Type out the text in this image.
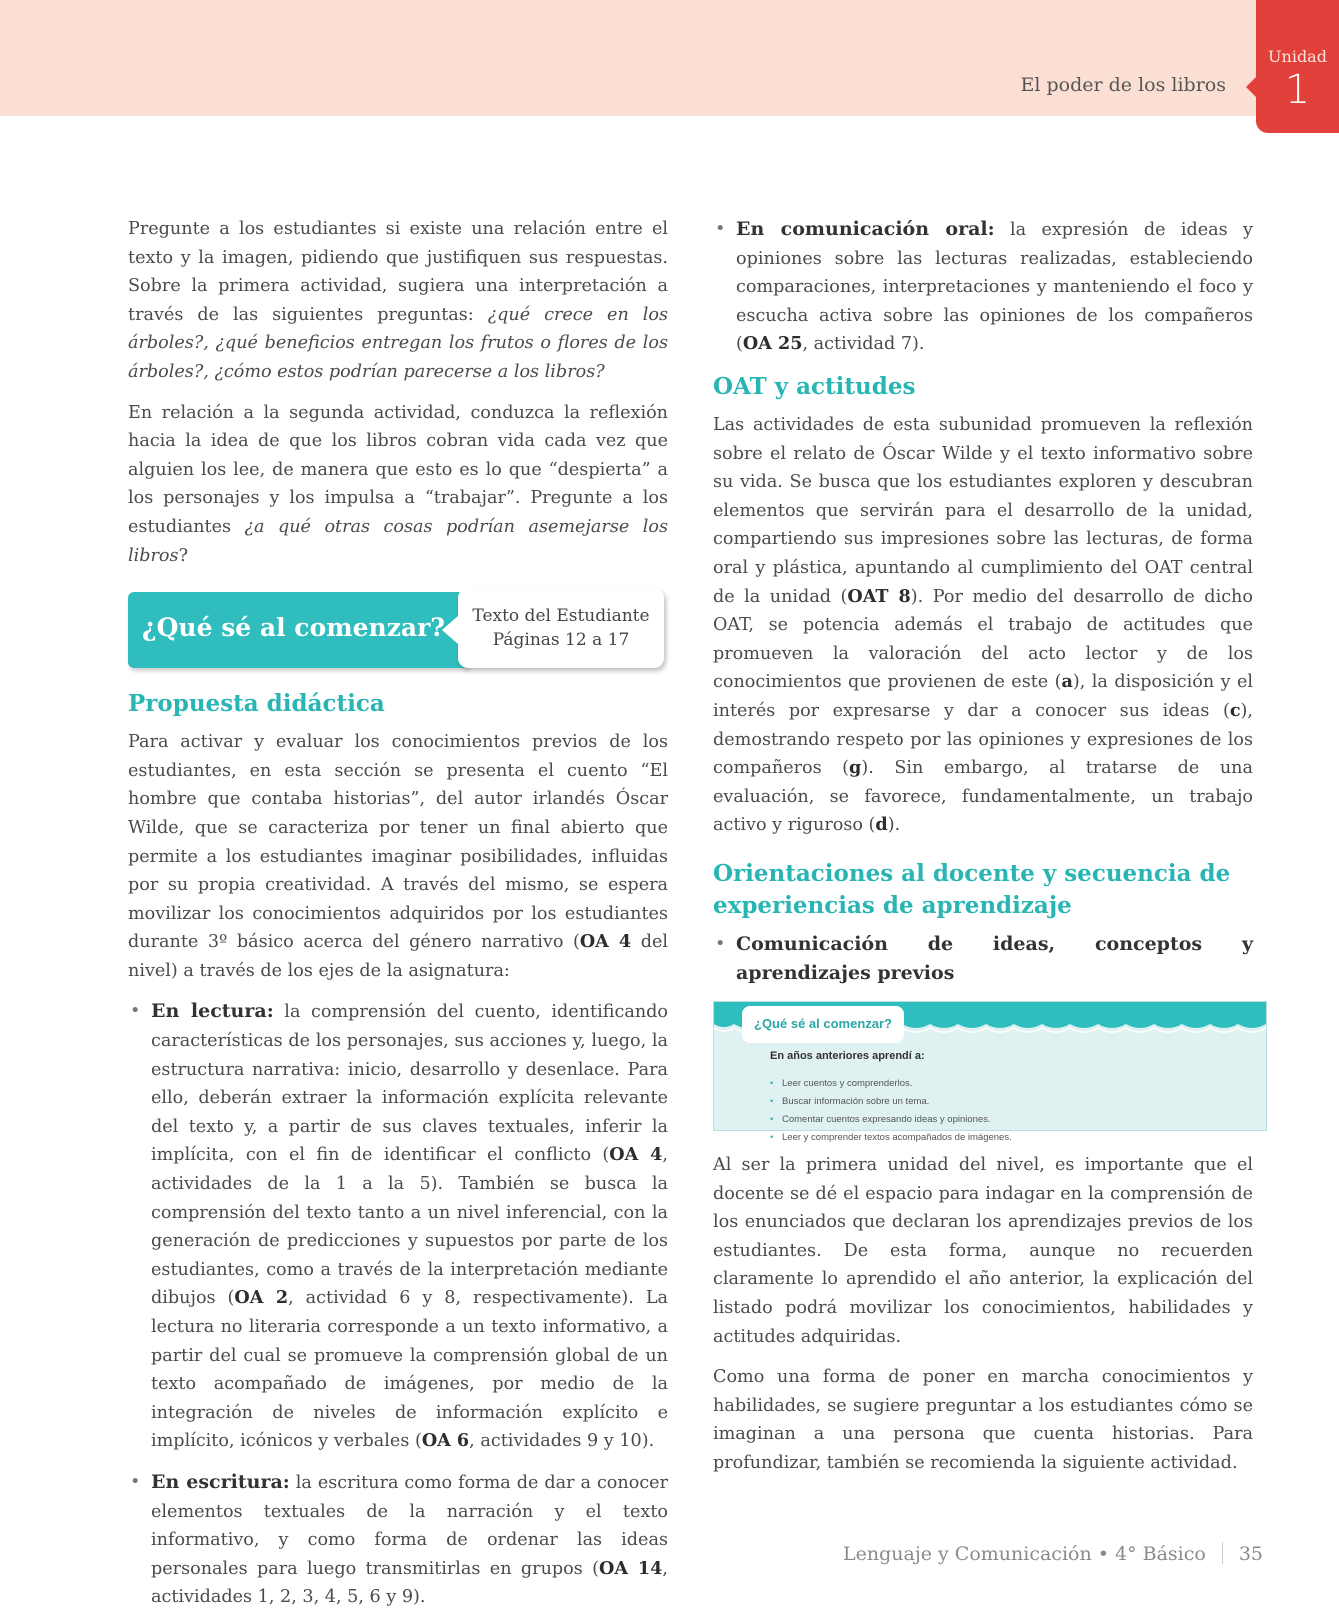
El poder de los libros
Unidad
1

Pregunte a los estudiantes si existe una relación entre el texto y la imagen, pidiendo que justifiquen sus respuestas. Sobre la primera actividad, sugiera una interpretación a través de las siguientes preguntas: ¿qué crece en los árboles?, ¿qué beneficios entregan los frutos o flores de los árboles?, ¿cómo estos podrían parecerse a los libros?

En relación a la segunda actividad, conduzca la reflexión hacia la idea de que los libros cobran vida cada vez que alguien los lee, de manera que esto es lo que “despierta” a los personajes y los impulsa a “trabajar”. Pregunte a los estudiantes ¿a qué otras cosas podrían asemejarse los libros?

¿Qué sé al comenzar?	Texto del Estudiante
Páginas 12 a 17
Propuesta didáctica

Para activar y evaluar los conocimientos previos de los estudiantes, en esta sección se presenta el cuento “El hombre que contaba historias”, del autor irlandés Óscar Wilde, que se caracteriza por tener un final abierto que permite a los estudiantes imaginar posibilidades, influidas por su propia creatividad. A través del mismo, se espera movilizar los conocimientos adquiridos por los estudiantes durante 3º básico acerca del género narrativo (OA 4 del nivel) a través de los ejes de la asignatura:

• En lectura: la comprensión del cuento, identificando características de los personajes, sus acciones y, luego, la estructura narrativa: inicio, desarrollo y desenlace. Para ello, deberán extraer la información explícita relevante del texto y, a partir de sus claves textuales, inferir la implícita, con el fin de identificar el conflicto (OA 4, actividades de la 1 a la 5). También se busca la comprensión del texto tanto a un nivel inferencial, con la generación de predicciones y supuestos por parte de los estudiantes, como a través de la interpretación mediante dibujos (OA 2, actividad 6 y 8, respectivamente). La lectura no literaria corresponde a un texto informativo, a partir del cual se promueve la comprensión global de un texto acompañado de imágenes, por medio de la integración de niveles de información explícito e implícito, icónicos y verbales (OA 6, actividades 9 y 10).
• En escritura: la escritura como forma de dar a conocer elementos textuales de la narración y el texto informativo, y como forma de ordenar las ideas personales para luego transmitirlas en grupos (OA 14, actividades 1, 2, 3, 4, 5, 6 y 9).
• En comunicación oral: la expresión de ideas y opiniones sobre las lecturas realizadas, estableciendo comparaciones, interpretaciones y manteniendo el foco y escucha activa sobre las opiniones de los compañeros (OA 25, actividad 7).
OAT y actitudes

Las actividades de esta subunidad promueven la reflexión sobre el relato de Óscar Wilde y el texto informativo sobre su vida. Se busca que los estudiantes exploren y descubran elementos que servirán para el desarrollo de la unidad, compartiendo sus impresiones sobre las lecturas, de forma oral y plástica, apuntando al cumplimiento del OAT central de la unidad (OAT 8). Por medio del desarrollo de dicho OAT, se potencia además el trabajo de actitudes que promueven la valoración del acto lector y de los conocimientos que provienen de este (a), la disposición y el interés por expresarse y dar a conocer sus ideas (c), demostrando respeto por las opiniones y expresiones de los compañeros (g). Sin embargo, al tratarse de una evaluación, se favorece, fundamentalmente, un trabajo activo y riguroso (d).

Orientaciones al docente y secuencia de experiencias de aprendizaje
• Comunicación de ideas, conceptos y aprendizajes previos
¿Qué sé al comenzar?
En años anteriores aprendí a:
• Leer cuentos y comprenderlos.
• Buscar información sobre un tema.
• Comentar cuentos expresando ideas y opiniones.
• Leer y comprender textos acompañados de imágenes.

Al ser la primera unidad del nivel, es importante que el docente se dé el espacio para indagar en la comprensión de los enunciados que declaran los aprendizajes previos de los estudiantes. De esta forma, aunque no recuerden claramente lo aprendido el año anterior, la explicación del listado podrá movilizar los conocimientos, habilidades y actitudes adquiridas.

Como una forma de poner en marcha conocimientos y habilidades, se sugiere preguntar a los estudiantes cómo se imaginan a una persona que cuenta historias. Para profundizar, también se recomienda la siguiente actividad.

Lenguaje y Comunicación • 4° Básico 35
